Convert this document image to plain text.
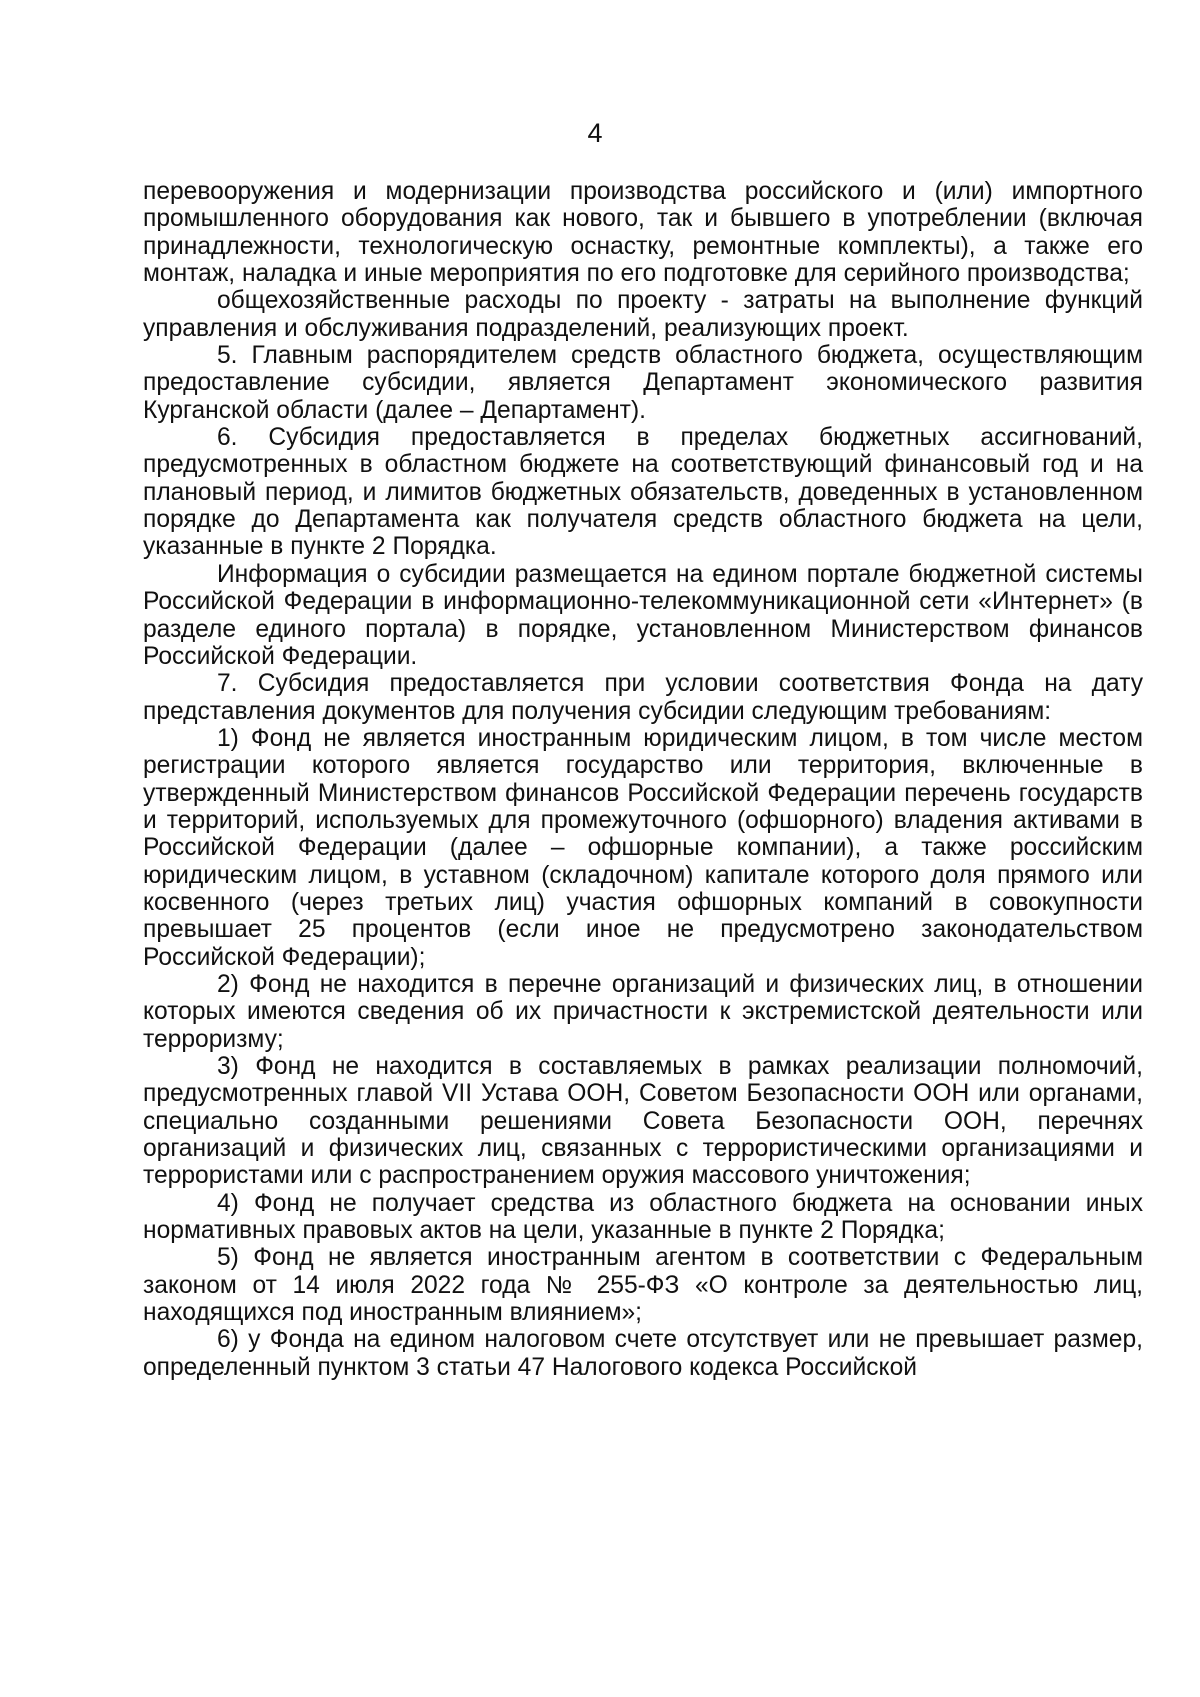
4

перевооружения и модернизации производства российского и (или) импортного промышленного оборудования как нового, так и бывшего в употреблении (включая принадлежности, технологическую оснастку, ремонтные комплекты), а также его монтаж, наладка и иные мероприятия по его подготовке для серийного производства;

общехозяйственные расходы по проекту - затраты на выполнение функций управления и обслуживания подразделений, реализующих проект.

5. Главным распорядителем средств областного бюджета, осуществляющим предоставление субсидии, является Департамент экономического развития Курганской области (далее – Департамент).

6. Субсидия предоставляется в пределах бюджетных ассигнований, предусмотренных в областном бюджете на соответствующий финансовый год и на плановый период, и лимитов бюджетных обязательств, доведенных в установленном порядке до Департамента как получателя средств областного бюджета на цели, указанные в пункте 2 Порядка.

Информация о субсидии размещается на едином портале бюджетной системы Российской Федерации в информационно-телекоммуникационной сети «Интернет» (в разделе единого портала) в порядке, установленном Министерством финансов Российской Федерации.

7. Субсидия предоставляется при условии соответствия Фонда на дату представления документов для получения субсидии следующим требованиям:

1) Фонд не является иностранным юридическим лицом, в том числе местом регистрации которого является государство или территория, включенные в утвержденный Министерством финансов Российской Федерации перечень государств и территорий, используемых для промежуточного (офшорного) владения активами в Российской Федерации (далее – офшорные компании), а также российским юридическим лицом, в уставном (складочном) капитале которого доля прямого или косвенного (через третьих лиц) участия офшорных компаний в совокупности превышает 25 процентов (если иное не предусмотрено законодательством Российской Федерации);

2) Фонд не находится в перечне организаций и физических лиц, в отношении которых имеются сведения об их причастности к экстремистской деятельности или терроризму;

3) Фонд не находится в составляемых в рамках реализации полномочий, предусмотренных главой VII Устава ООН, Советом Безопасности ООН или органами, специально созданными решениями Совета Безопасности ООН, перечнях организаций и физических лиц, связанных с террористическими организациями и террористами или с распространением оружия массового уничтожения;

4) Фонд не получает средства из областного бюджета на основании иных нормативных правовых актов на цели, указанные в пункте 2 Порядка;

5) Фонд не является иностранным агентом в соответствии с Федеральным законом от 14 июля 2022 года № 255-ФЗ «О контроле за деятельностью лиц, находящихся под иностранным влиянием»;

6) у Фонда на едином налоговом счете отсутствует или не превышает размер, определенный пунктом 3 статьи 47 Налогового кодекса Российской
